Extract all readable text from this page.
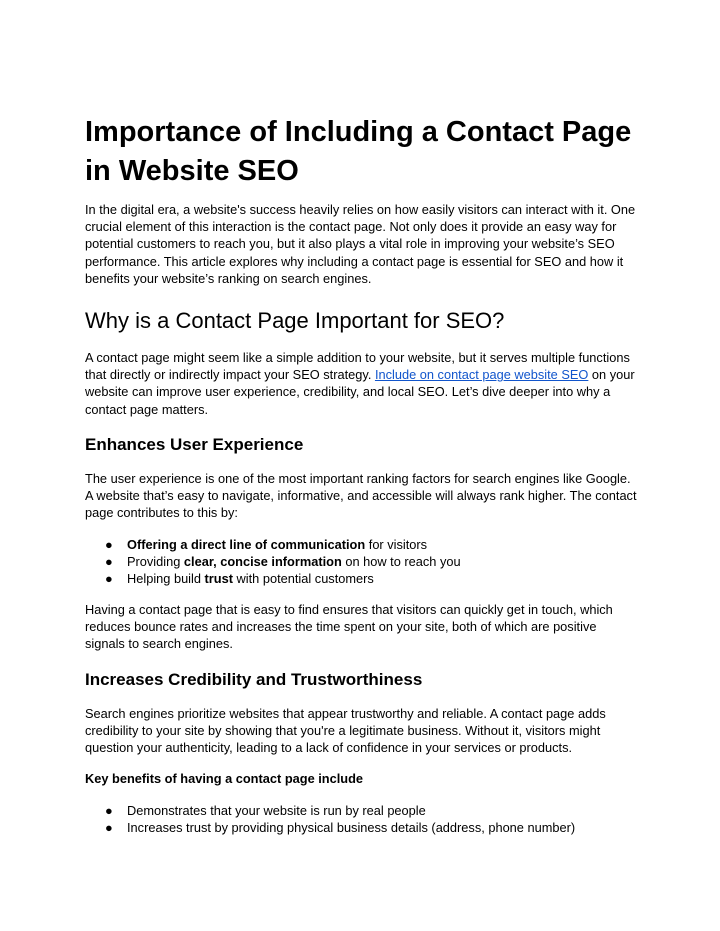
Importance of Including a Contact Page in Website SEO

In the digital era, a website's success heavily relies on how easily visitors can interact with it. One crucial element of this interaction is the contact page. Not only does it provide an easy way for potential customers to reach you, but it also plays a vital role in improving your website’s SEO performance. This article explores why including a contact page is essential for SEO and how it benefits your website’s ranking on search engines.

Why is a Contact Page Important for SEO?

A contact page might seem like a simple addition to your website, but it serves multiple functions that directly or indirectly impact your SEO strategy. Include on contact page website SEO on your website can improve user experience, credibility, and local SEO. Let’s dive deeper into why a contact page matters.

Enhances User Experience

The user experience is one of the most important ranking factors for search engines like Google. A website that’s easy to navigate, informative, and accessible will always rank higher. The contact page contributes to this by:

● Offering a direct line of communication for visitors
● Providing clear, concise information on how to reach you
● Helping build trust with potential customers

Having a contact page that is easy to find ensures that visitors can quickly get in touch, which reduces bounce rates and increases the time spent on your site, both of which are positive signals to search engines.

Increases Credibility and Trustworthiness

Search engines prioritize websites that appear trustworthy and reliable. A contact page adds credibility to your site by showing that you're a legitimate business. Without it, visitors might question your authenticity, leading to a lack of confidence in your services or products.

Key benefits of having a contact page include

● Demonstrates that your website is run by real people
● Increases trust by providing physical business details (address, phone number)
